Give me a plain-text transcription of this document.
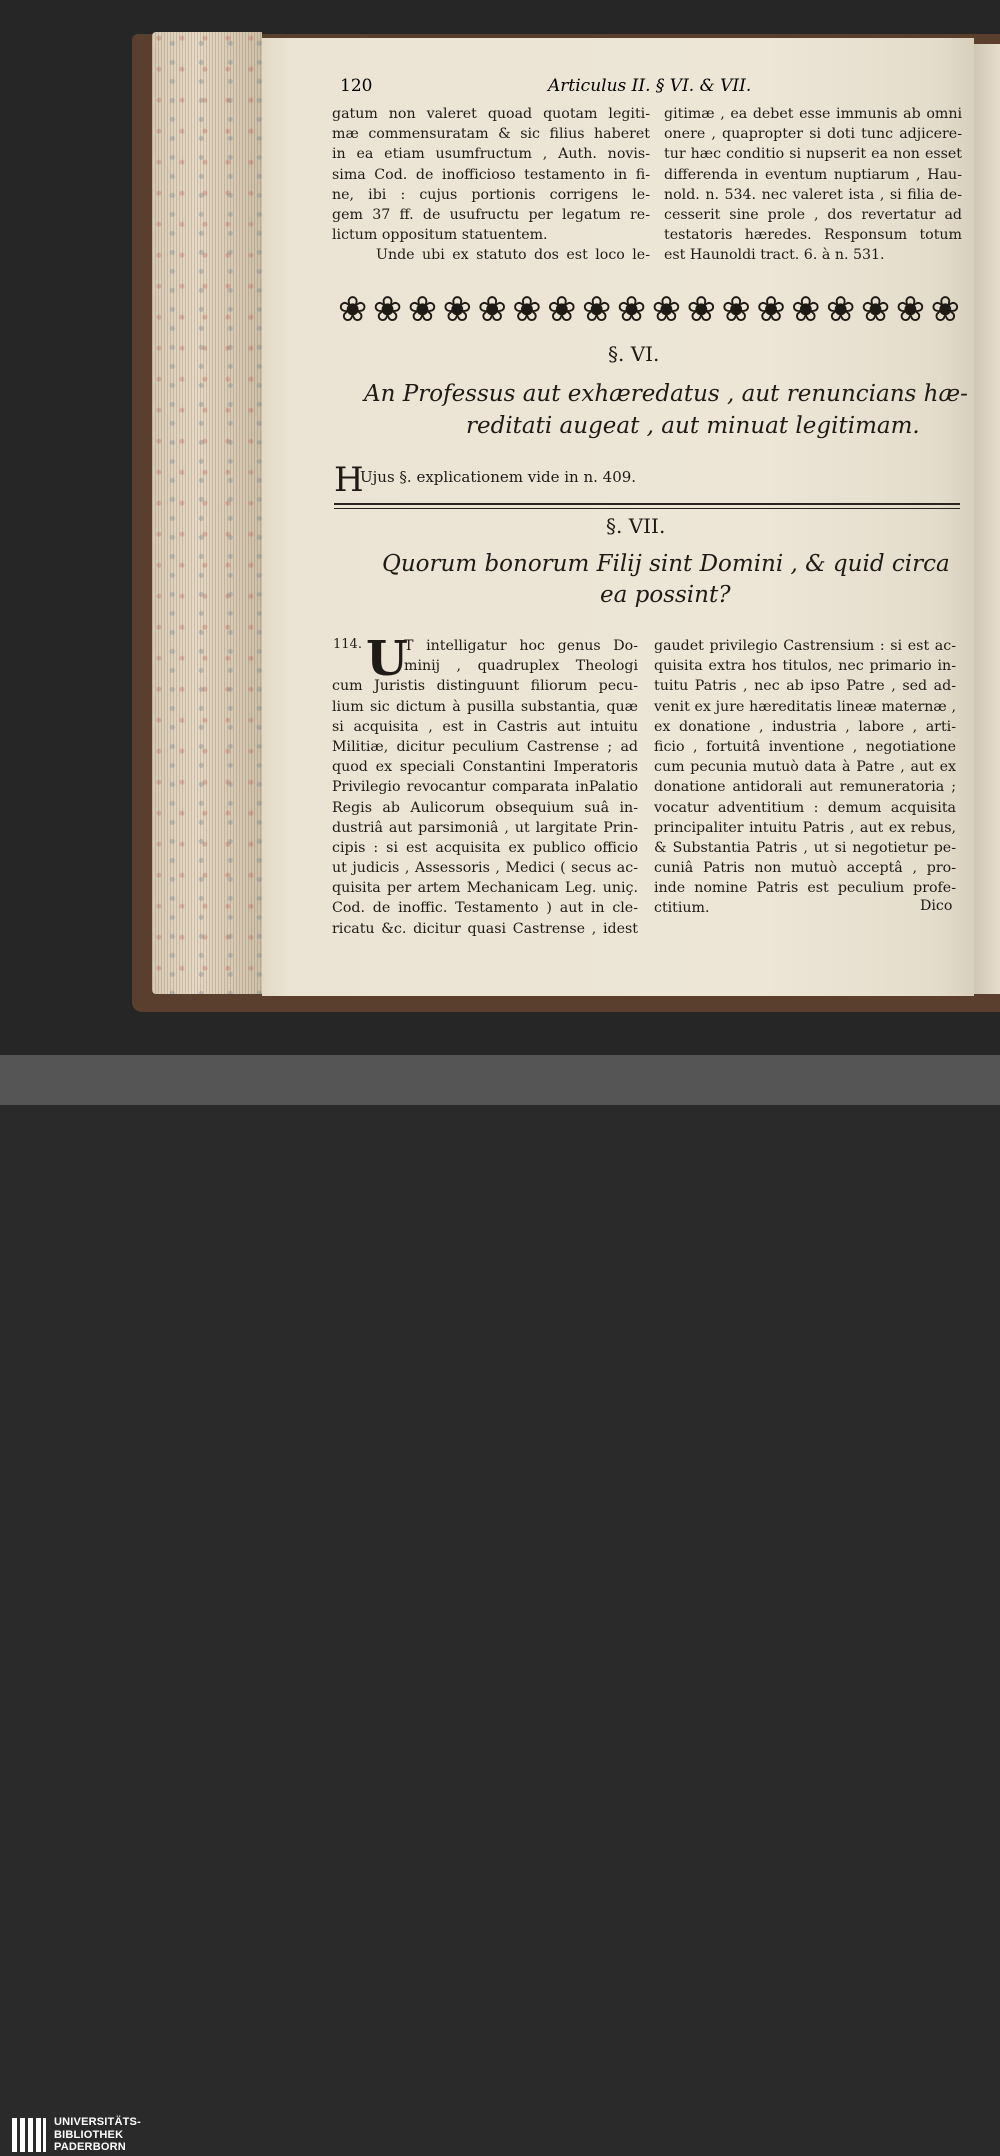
120	Articulus II. § VI. & VII.
gatum non valeret quoad quotam legiti-
mæ commensuratam & sic filius haberet
in ea etiam usumfructum , Auth. novis-
sima Cod. de inofficioso testamento in fi-
ne, ibi : cujus portionis corrigens le-
gem 37 ff. de usufructu per legatum re-
lictum oppositum statuentem.
Unde ubi ex statuto dos est loco le-
gitimæ , ea debet esse immunis ab omni
onere , quapropter si doti tunc adjicere-
tur hæc conditio si nupserit ea non esset
differenda in eventum nuptiarum , Hau-
nold. n. 534. nec valeret ista , si filia de-
cesserit sine prole , dos revertatur ad
testatoris hæredes. Responsum totum
est Haunoldi tract. 6. à n. 531.
❀ ❀ ❀ ❀ ❀ ❀ ❀ ❀ ❀ ❀ ❀ ❀ ❀ ❀ ❀ ❀ ❀ ❀
§. VI.
An Professus aut exhæredatus , aut renuncians hæ-
reditati augeat , aut minuat legitimam.
H
Ujus §. explicationem vide in n. 409.
§. VII.
Quorum bonorum Filij sint Domini , & quid circa
ea possint?
114. U
T intelligatur hoc genus Do-
minij , quadruplex Theologi
cum Juristis distinguunt filiorum pecu-
lium sic dictum à pusilla substantia, quæ
si acquisita , est in Castris aut intuitu
Militiæ, dicitur peculium Castrense ; ad
quod ex speciali Constantini Imperatoris
Privilegio revocantur comparata inPalatio
Regis ab Aulicorum obsequium suâ in-
dustriâ aut parsimoniâ , ut largitate Prin-
cipis : si est acquisita ex publico officio
ut judicis , Assessoris , Medici ( secus ac-
quisita per artem Mechanicam Leg. uniç.
Cod. de inoffic. Testamento ) aut in cle-
ricatu &c. dicitur quasi Castrense , idest
gaudet privilegio Castrensium : si est ac-
quisita extra hos titulos, nec primario in-
tuitu Patris , nec ab ipso Patre , sed ad-
venit ex jure hæreditatis lineæ maternæ ,
ex donatione , industria , labore , arti-
ficio , fortuitâ inventione , negotiatione
cum pecunia mutuò data à Patre , aut ex
donatione antidorali aut remuneratoria ;
vocatur adventitium : demum acquisita
principaliter intuitu Patris , aut ex rebus,
& Substantia Patris , ut si negotietur pe-
cuniâ Patris non mutuò acceptâ , pro-
inde nomine Patris est peculium profe-
ctitium.	Dico
UNIVERSITÄTS-
BIBLIOTHEK
PADERBORN
